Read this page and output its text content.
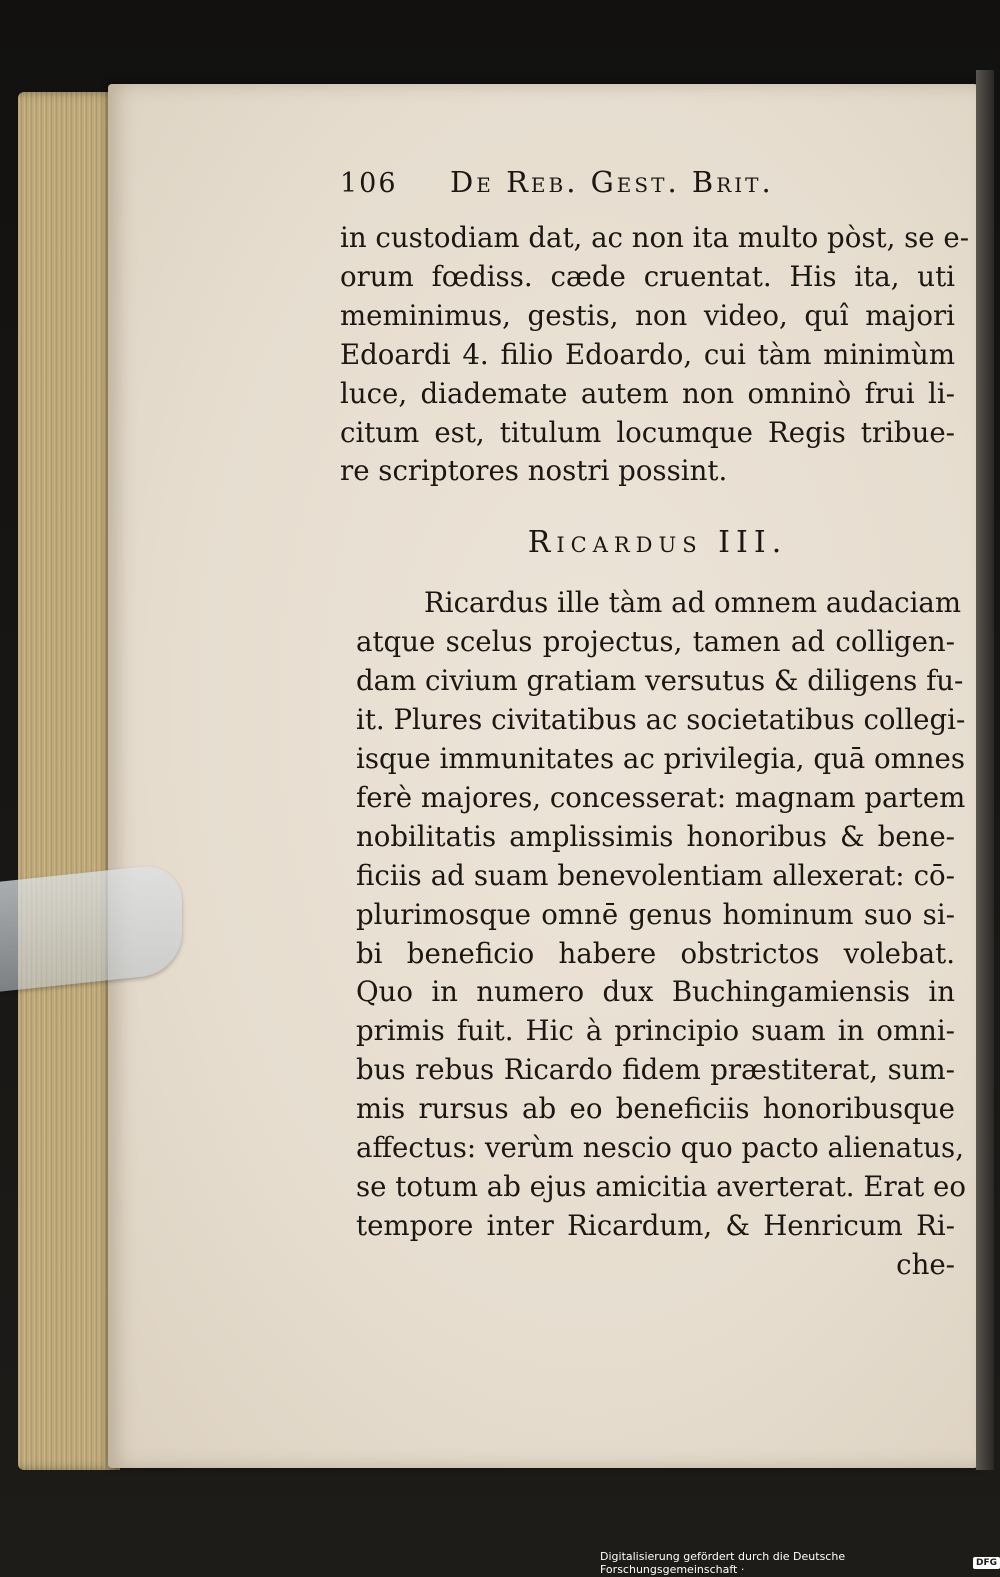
106	De Reb. Gest. Brit.
in custodiam dat, ac non ita multo pòst, se e-
orum fœdiss. cæde cruentat. His ita, uti
meminimus, gestis, non video, quî majori
Edoardi 4. filio Edoardo, cui tàm minimùm
luce, diademate autem non omninò frui li-
citum est, titulum locumque Regis tribue-
re scriptores nostri possint.
Ricardus III.
Ricardus ille tàm ad omnem audaciam
atque scelus projectus, tamen ad colligen-
dam civium gratiam versutus & diligens fu-
it. Plures civitatibus ac societatibus collegi-
isque immunitates ac privilegia, quā omnes
ferè majores, concesserat: magnam partem
nobilitatis amplissimis honoribus & bene-
ficiis ad suam benevolentiam allexerat: cō-
plurimosque omnē genus hominum suo si-
bi beneficio habere obstrictos volebat.
Quo in numero dux Buchingamiensis in
primis fuit. Hic à principio suam in omni-
bus rebus Ricardo fidem præstiterat, sum-
mis rursus ab eo beneficiis honoribusque
affectus: verùm nescio quo pacto alienatus,
se totum ab ejus amicitia averterat. Erat eo
tempore inter Ricardum, & Henricum Ri-
che-
Digitalisierung gefördert durch die Deutsche Forschungsgemeinschaft ·	DFG
